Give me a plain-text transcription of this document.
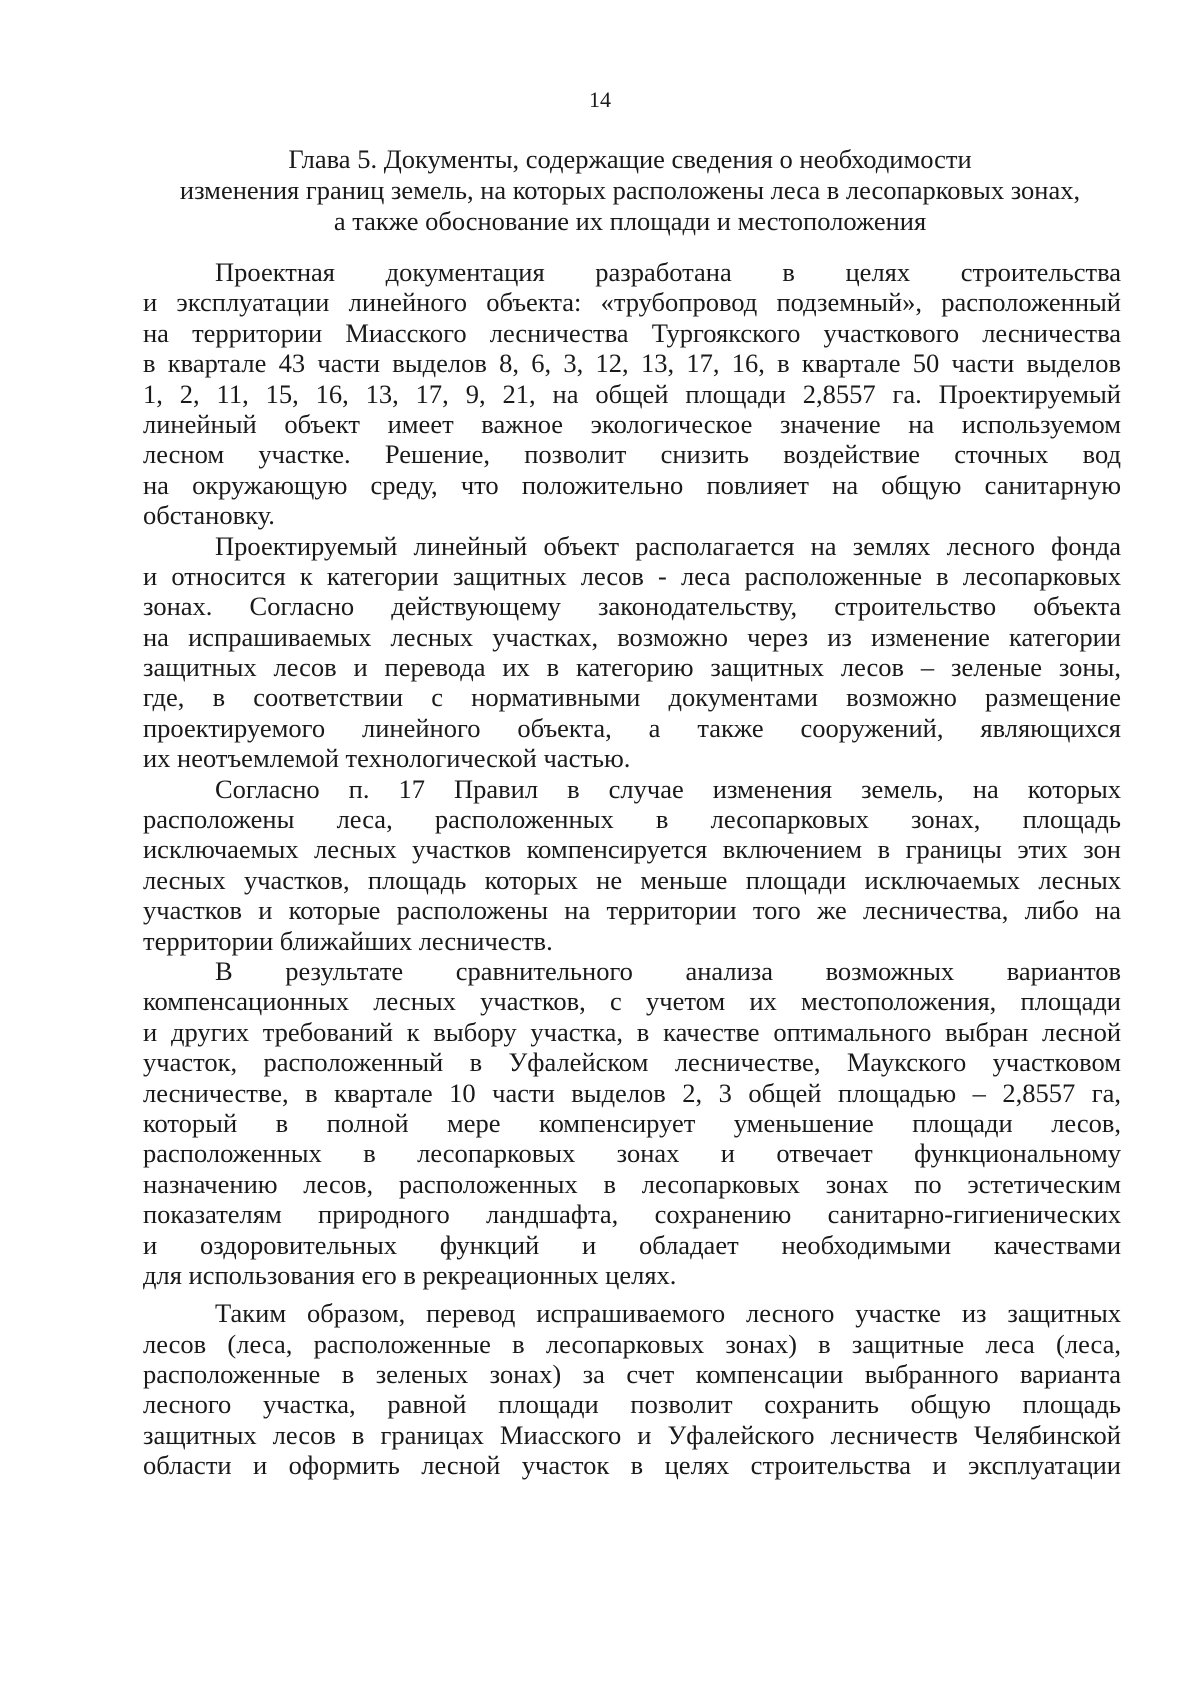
14
Глава 5. Документы, содержащие сведения о необходимости
изменения границ земель, на которых расположены леса в лесопарковых зонах,
а также обоснование их площади и местоположения
Проектная документация разработана в целях строительства
и эксплуатации линейного объекта: «трубопровод подземный», расположенный
на территории Миасского лесничества Тургоякского участкового лесничества
в квартале 43 части выделов 8, 6, 3, 12, 13, 17, 16, в квартале 50 части выделов
1, 2, 11, 15, 16, 13, 17, 9, 21, на общей площади 2,8557 га. Проектируемый
линейный объект имеет важное экологическое значение на используемом
лесном участке. Решение, позволит снизить воздействие сточных вод
на окружающую среду, что положительно повлияет на общую санитарную
обстановку.
Проектируемый линейный объект располагается на землях лесного фонда
и относится к категории защитных лесов - леса расположенные в лесопарковых
зонах. Согласно действующему законодательству, строительство объекта
на испрашиваемых лесных участках, возможно через из изменение категории
защитных лесов и перевода их в категорию защитных лесов – зеленые зоны,
где, в соответствии с нормативными документами возможно размещение
проектируемого линейного объекта, а также сооружений, являющихся
их неотъемлемой технологической частью.
Согласно п. 17 Правил в случае изменения земель, на которых
расположены леса, расположенных в лесопарковых зонах, площадь
исключаемых лесных участков компенсируется включением в границы этих зон
лесных участков, площадь которых не меньше площади исключаемых лесных
участков и которые расположены на территории того же лесничества, либо на
территории ближайших лесничеств.
В результате сравнительного анализа возможных вариантов
компенсационных лесных участков, с учетом их местоположения, площади
и других требований к выбору участка, в качестве оптимального выбран лесной
участок, расположенный в Уфалейском лесничестве, Маукского участковом
лесничестве, в квартале 10 части выделов 2, 3 общей площадью – 2,8557 га,
который в полной мере компенсирует уменьшение площади лесов,
расположенных в лесопарковых зонах и отвечает функциональному
назначению лесов, расположенных в лесопарковых зонах по эстетическим
показателям природного ландшафта, сохранению санитарно-гигиенических
и оздоровительных функций и обладает необходимыми качествами
для использования его в рекреационных целях.
Таким образом, перевод испрашиваемого лесного участке из защитных
лесов (леса, расположенные в лесопарковых зонах) в защитные леса (леса,
расположенные в зеленых зонах) за счет компенсации выбранного варианта
лесного участка, равной площади позволит сохранить общую площадь
защитных лесов в границах Миасского и Уфалейского лесничеств Челябинской
области и оформить лесной участок в целях строительства и эксплуатации
